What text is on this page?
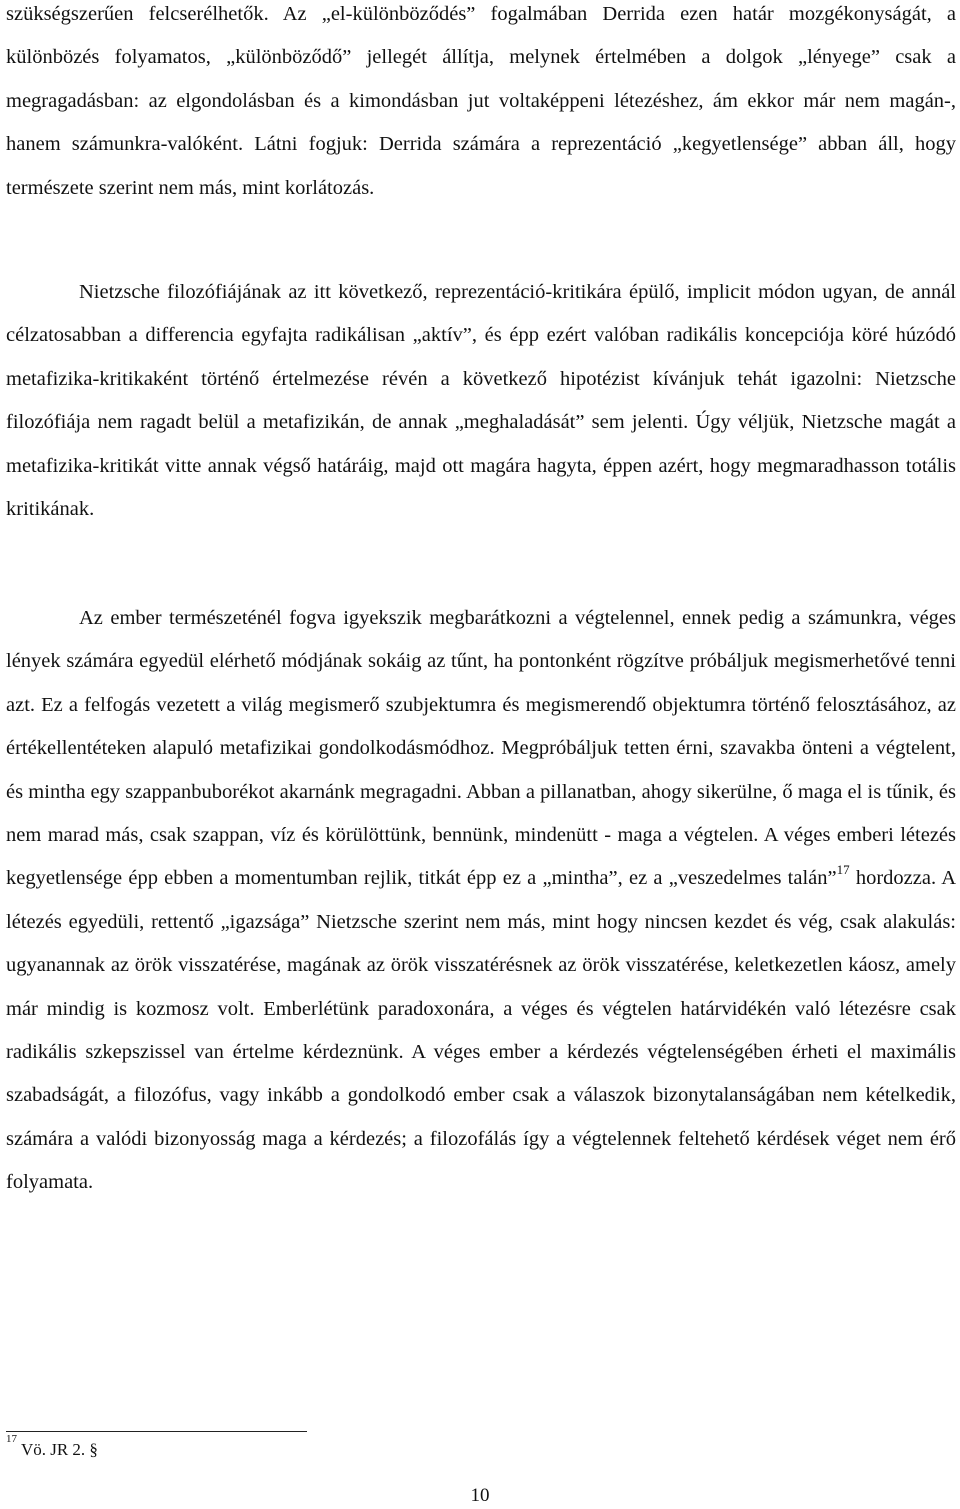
szükségszerűen felcserélhetők. Az „el-különböződés” fogalmában Derrida ezen határ mozgékonyságát, a különbözés folyamatos, „különböződő” jellegét állítja, melynek értelmében a dolgok „lényege” csak a megragadásban: az elgondolásban és a kimondásban jut voltaképpeni létezéshez, ám ekkor már nem magán-, hanem számunkra-valóként. Látni fogjuk: Derrida számára a reprezentáció „kegyetlensége” abban áll, hogy természete szerint nem más, mint korlátozás.

Nietzsche filozófiájának az itt következő, reprezentáció-kritikára épülő, implicit módon ugyan, de annál célzatosabban a differencia egyfajta radikálisan „aktív”, és épp ezért valóban radikális koncepciója köré húzódó metafizika-kritikaként történő értelmezése révén a következő hipotézist kívánjuk tehát igazolni: Nietzsche filozófiája nem ragadt belül a metafizikán, de annak „meghaladását” sem jelenti. Úgy véljük, Nietzsche magát a metafizika-kritikát vitte annak végső határáig, majd ott magára hagyta, éppen azért, hogy megmaradhasson totális kritikának.

Az ember természeténél fogva igyekszik megbarátkozni a végtelennel, ennek pedig a számunkra, véges lények számára egyedül elérhető módjának sokáig az tűnt, ha pontonként rögzítve próbáljuk megismerhetővé tenni azt. Ez a felfogás vezetett a világ megismerő szubjektumra és megismerendő objektumra történő felosztásához, az értékellentéteken alapuló metafizikai gondolkodásmódhoz. Megpróbáljuk tetten érni, szavakba önteni a végtelent, és mintha egy szappanbuborékot akarnánk megragadni. Abban a pillanatban, ahogy sikerülne, ő maga el is tűnik, és nem marad más, csak szappan, víz és körülöttünk, bennünk, mindenütt - maga a végtelen. A véges emberi létezés kegyetlensége épp ebben a momentumban rejlik, titkát épp ez a „mintha”, ez a „veszedelmes talán”$^{17}$ hordozza. A létezés egyedüli, rettentő „igazsága” Nietzsche szerint nem más, mint hogy nincsen kezdet és vég, csak alakulás: ugyanannak az örök visszatérése, magának az örök visszatérésnek az örök visszatérése, keletkezetlen káosz, amely már mindig is kozmosz volt. Emberlétünk paradoxonára, a véges és végtelen határvidékén való létezésre csak radikális szkepszissel van értelme kérdeznünk. A véges ember a kérdezés végtelenségében érheti el maximális szabadságát, a filozófus, vagy inkább a gondolkodó ember csak a válaszok bizonytalanságában nem kételkedik, számára a valódi bizonyosság maga a kérdezés; a filozofálás így a végtelennek feltehető kérdések véget nem érő folyamata.

$^{17}$ Vö. JR 2. §
10
